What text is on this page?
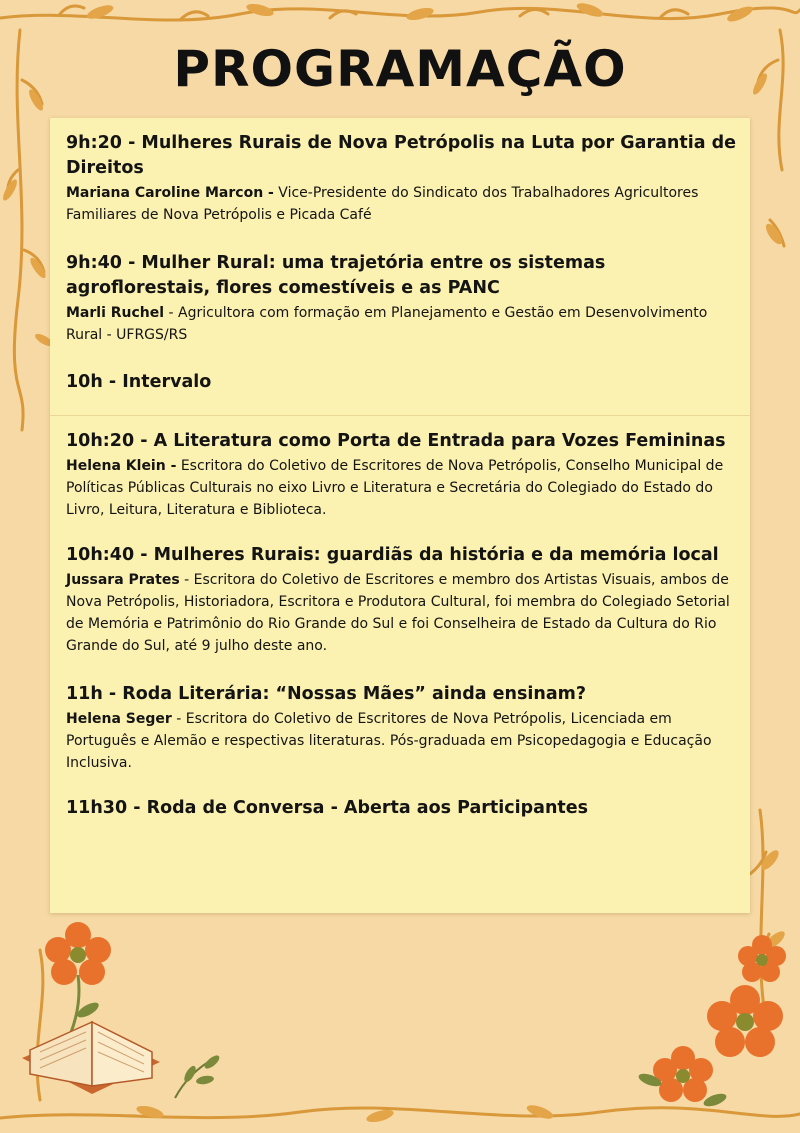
PROGRAMAÇÃO

9h:20 - Mulheres Rurais de Nova Petrópolis na Luta por Garantia de Direitos

Mariana Caroline Marcon - Vice-Presidente do Sindicato dos Trabalhadores Agricultores Familiares de Nova Petrópolis e Picada Café

9h:40 - Mulher Rural: uma trajetória entre os sistemas agroflorestais, flores comestíveis e as PANC

Marli Ruchel - Agricultora com formação em Planejamento e Gestão em Desenvolvimento Rural - UFRGS/RS

10h - Intervalo

10h:20 - A Literatura como Porta de Entrada para Vozes Femininas

Helena Klein - Escritora do Coletivo de Escritores de Nova Petrópolis, Conselho Municipal de Políticas Públicas Culturais no eixo Livro e Literatura e Secretária do Colegiado do Estado do Livro, Leitura, Literatura e Biblioteca.

10h:40 - Mulheres Rurais: guardiãs da história e da memória local

Jussara Prates - Escritora do Coletivo de Escritores e membro dos Artistas Visuais, ambos de Nova Petrópolis, Historiadora, Escritora e Produtora Cultural, foi membra do Colegiado Setorial de Memória e Patrimônio do Rio Grande do Sul e foi Conselheira de Estado da Cultura do Rio Grande do Sul, até 9 julho deste ano.

11h - Roda Literária: “Nossas Mães” ainda ensinam?

Helena Seger - Escritora do Coletivo de Escritores de Nova Petrópolis, Licenciada em Português e Alemão e respectivas literaturas. Pós-graduada em Psicopedagogia e Educação Inclusiva.

11h30 - Roda de Conversa - Aberta aos Participantes
